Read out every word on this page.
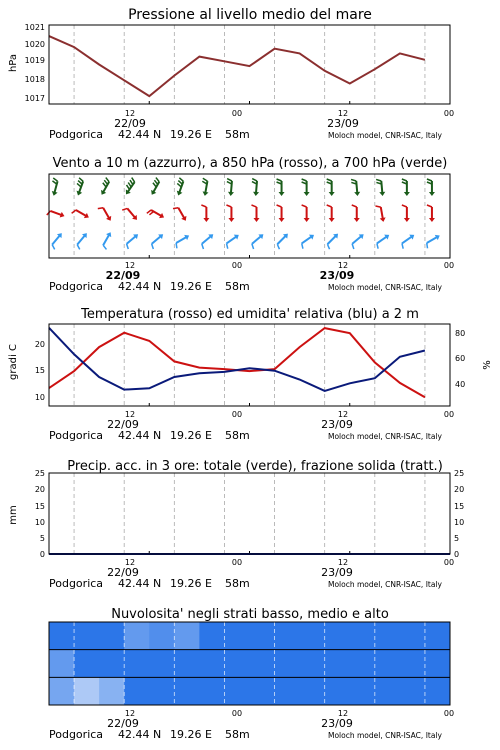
Pressione al livello medio del mare
hPa
1017
1018
1019
1020
1021
12	00	12	00
22/09	23/09
Podgorica 42.44 N 19.26 E 58m	Moloch model, CNR-ISAC, Italy
Vento a 10 m (azzurro), a 850 hPa (rosso), a 700 hPa (verde)
12	00	12	00
22/09	23/09
Podgorica 42.44 N 19.26 E 58m	Moloch model, CNR-ISAC, Italy
Temperatura (rosso) ed umidita' relativa (blu) a 2 m
gradi C	%
10
15
20
40
60
80
12	00	12	00
22/09	23/09
Podgorica 42.44 N 19.26 E 58m	Moloch model, CNR-ISAC, Italy
Precip. acc. in 3 ore: totale (verde), frazione solida (tratt.)
mm
0
5
10
15
20
25
0
5
10
15
20
25
12	00	12	00
22/09	23/09
Podgorica 42.44 N 19.26 E 58m	Moloch model, CNR-ISAC, Italy
Nuvolosita' negli strati basso, medio e alto
12	00	12	00
22/09	23/09
Podgorica 42.44 N 19.26 E 58m	Moloch model, CNR-ISAC, Italy
